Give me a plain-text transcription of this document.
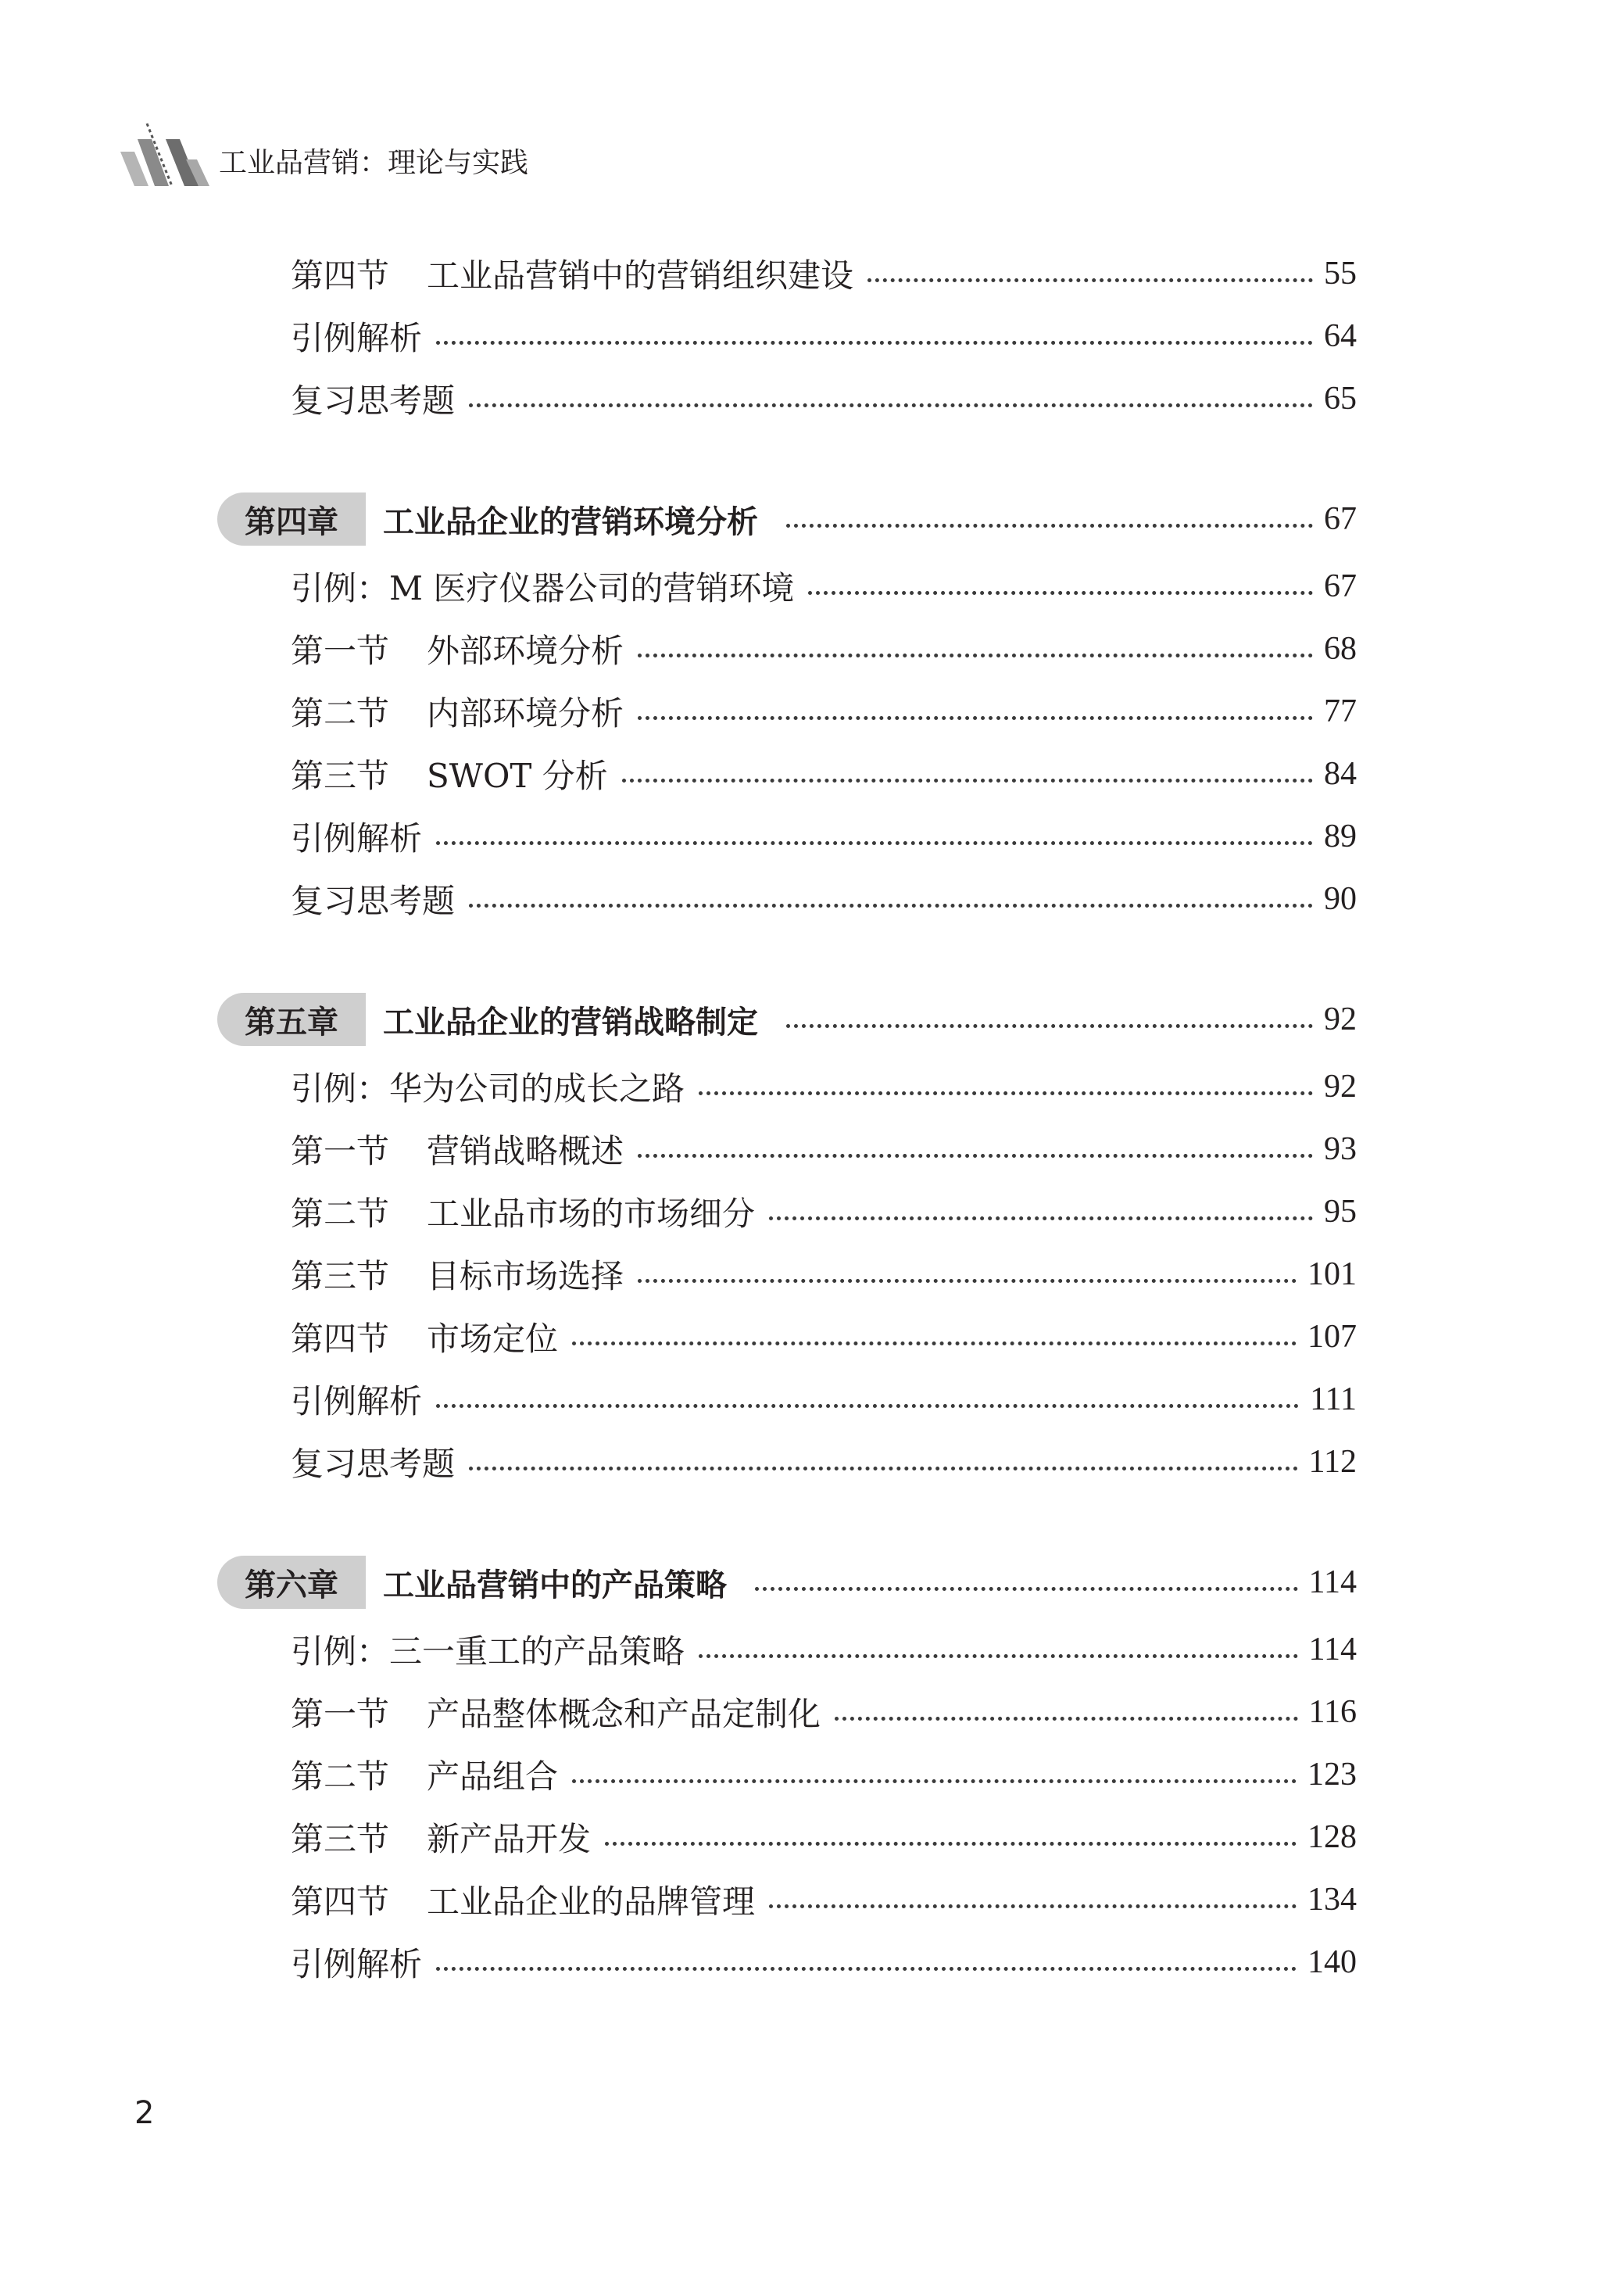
工业品营销：理论与实践
第四节 工业品营销中的营销组织建设	55
引例解析	64
复习思考题	65
第四章	工业品企业的营销环境分析	67
引例：M 医疗仪器公司的营销环境	67
第一节 外部环境分析	68
第二节 内部环境分析	77
第三节 SWOT 分析	84
引例解析	89
复习思考题	90
第五章	工业品企业的营销战略制定	92
引例：华为公司的成长之路	92
第一节 营销战略概述	93
第二节 工业品市场的市场细分	95
第三节 目标市场选择	101
第四节 市场定位	107
引例解析	111
复习思考题	112
第六章	工业品营销中的产品策略	114
引例：三一重工的产品策略	114
第一节 产品整体概念和产品定制化	116
第二节 产品组合	123
第三节 新产品开发	128
第四节 工业品企业的品牌管理	134
引例解析	140
2
